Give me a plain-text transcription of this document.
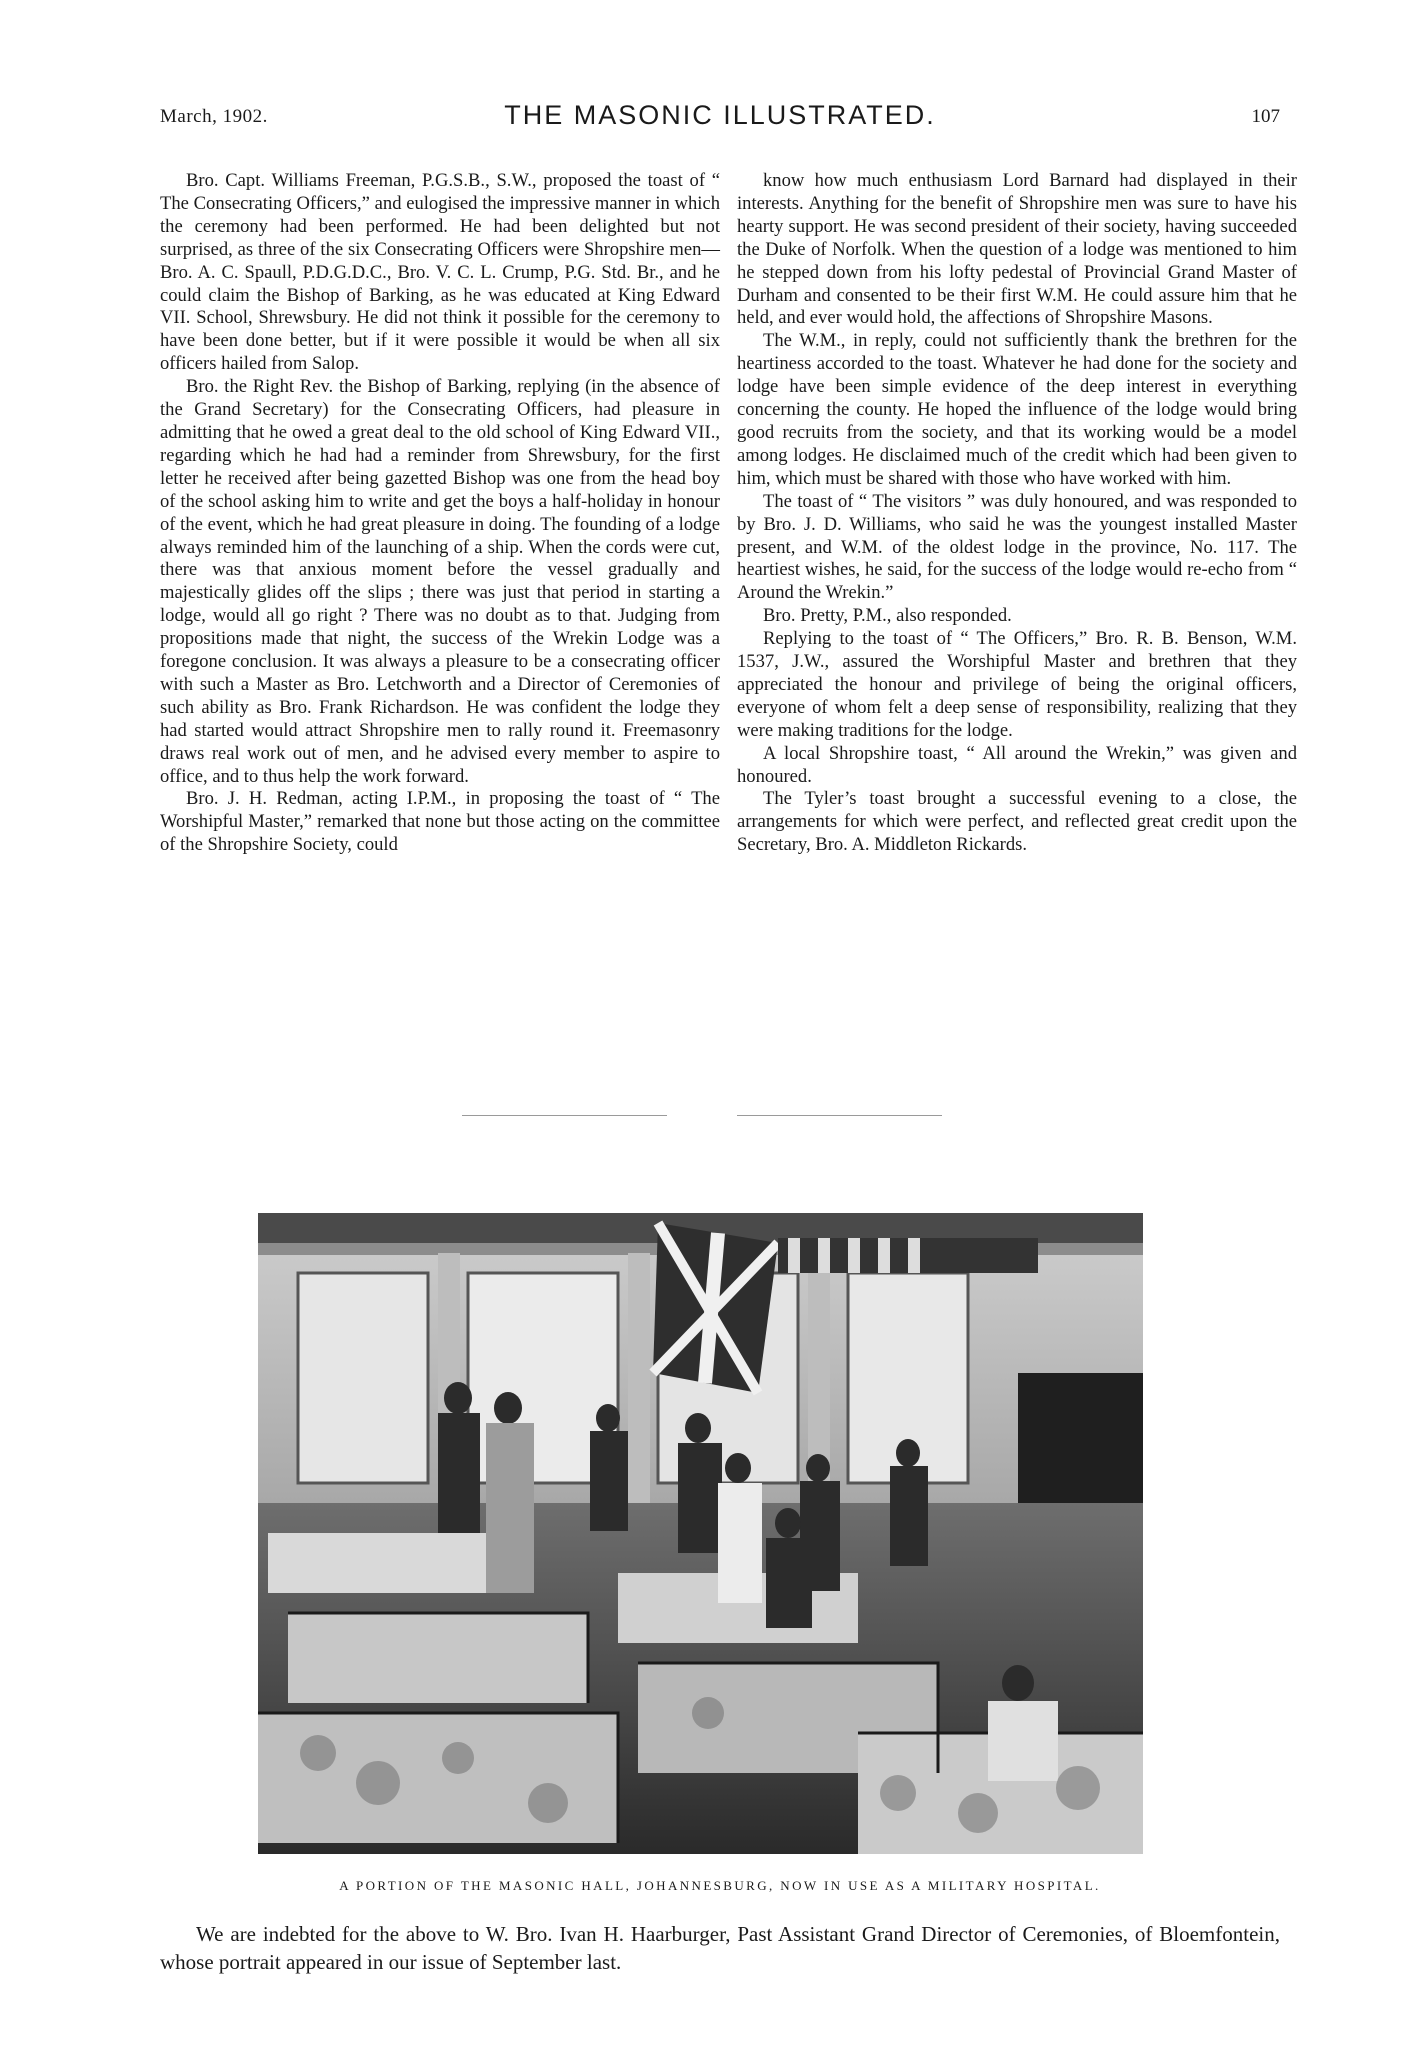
March, 1902.	THE MASONIC ILLUSTRATED.	107

Bro. Capt. Williams Freeman, P.G.S.B., S.W., proposed the toast of “ The Consecrating Officers,” and eulogised the impressive manner in which the ceremony had been performed. He had been delighted but not surprised, as three of the six Consecrating Officers were Shropshire men—Bro. A. C. Spaull, P.D.G.D.C., Bro. V. C. L. Crump, P.G. Std. Br., and he could claim the Bishop of Barking, as he was educated at King Edward VII. School, Shrewsbury. He did not think it possible for the ceremony to have been done better, but if it were possible it would be when all six officers hailed from Salop.

Bro. the Right Rev. the Bishop of Barking, replying (in the absence of the Grand Secretary) for the Consecrating Officers, had pleasure in admitting that he owed a great deal to the old school of King Edward VII., regarding which he had had a reminder from Shrewsbury, for the first letter he received after being gazetted Bishop was one from the head boy of the school asking him to write and get the boys a half-holiday in honour of the event, which he had great pleasure in doing. The founding of a lodge always reminded him of the launching of a ship. When the cords were cut, there was that anxious moment before the vessel gradually and majestically glides off the slips ; there was just that period in starting a lodge, would all go right ? There was no doubt as to that. Judging from propositions made that night, the success of the Wrekin Lodge was a foregone conclusion. It was always a pleasure to be a consecrating officer with such a Master as Bro. Letchworth and a Director of Ceremonies of such ability as Bro. Frank Richardson. He was confident the lodge they had started would attract Shropshire men to rally round it. Freemasonry draws real work out of men, and he advised every member to aspire to office, and to thus help the work forward.

Bro. J. H. Redman, acting I.P.M., in proposing the toast of “ The Worshipful Master,” remarked that none but those acting on the committee of the Shropshire Society, could

know how much enthusiasm Lord Barnard had displayed in their interests. Anything for the benefit of Shropshire men was sure to have his hearty support. He was second president of their society, having succeeded the Duke of Norfolk. When the question of a lodge was mentioned to him he stepped down from his lofty pedestal of Provincial Grand Master of Durham and consented to be their first W.M. He could assure him that he held, and ever would hold, the affections of Shropshire Masons.

The W.M., in reply, could not sufficiently thank the brethren for the heartiness accorded to the toast. Whatever he had done for the society and lodge have been simple evidence of the deep interest in everything concerning the county. He hoped the influence of the lodge would bring good recruits from the society, and that its working would be a model among lodges. He disclaimed much of the credit which had been given to him, which must be shared with those who have worked with him.

The toast of “ The visitors ” was duly honoured, and was responded to by Bro. J. D. Williams, who said he was the youngest installed Master present, and W.M. of the oldest lodge in the province, No. 117. The heartiest wishes, he said, for the success of the lodge would re-echo from “ Around the Wrekin.”

Bro. Pretty, P.M., also responded.

Replying to the toast of “ The Officers,” Bro. R. B. Benson, W.M. 1537, J.W., assured the Worshipful Master and brethren that they appreciated the honour and privilege of being the original officers, everyone of whom felt a deep sense of responsibility, realizing that they were making traditions for the lodge.

A local Shropshire toast, “ All around the Wrekin,” was given and honoured.

The Tyler’s toast brought a successful evening to a close, the arrangements for which were perfect, and reflected great credit upon the Secretary, Bro. A. Middleton Rickards.

A PORTION OF THE MASONIC HALL, JOHANNESBURG, NOW IN USE AS A MILITARY HOSPITAL.

We are indebted for the above to W. Bro. Ivan H. Haarburger, Past Assistant Grand Director of Ceremonies, of Bloemfontein, whose portrait appeared in our issue of September last.
